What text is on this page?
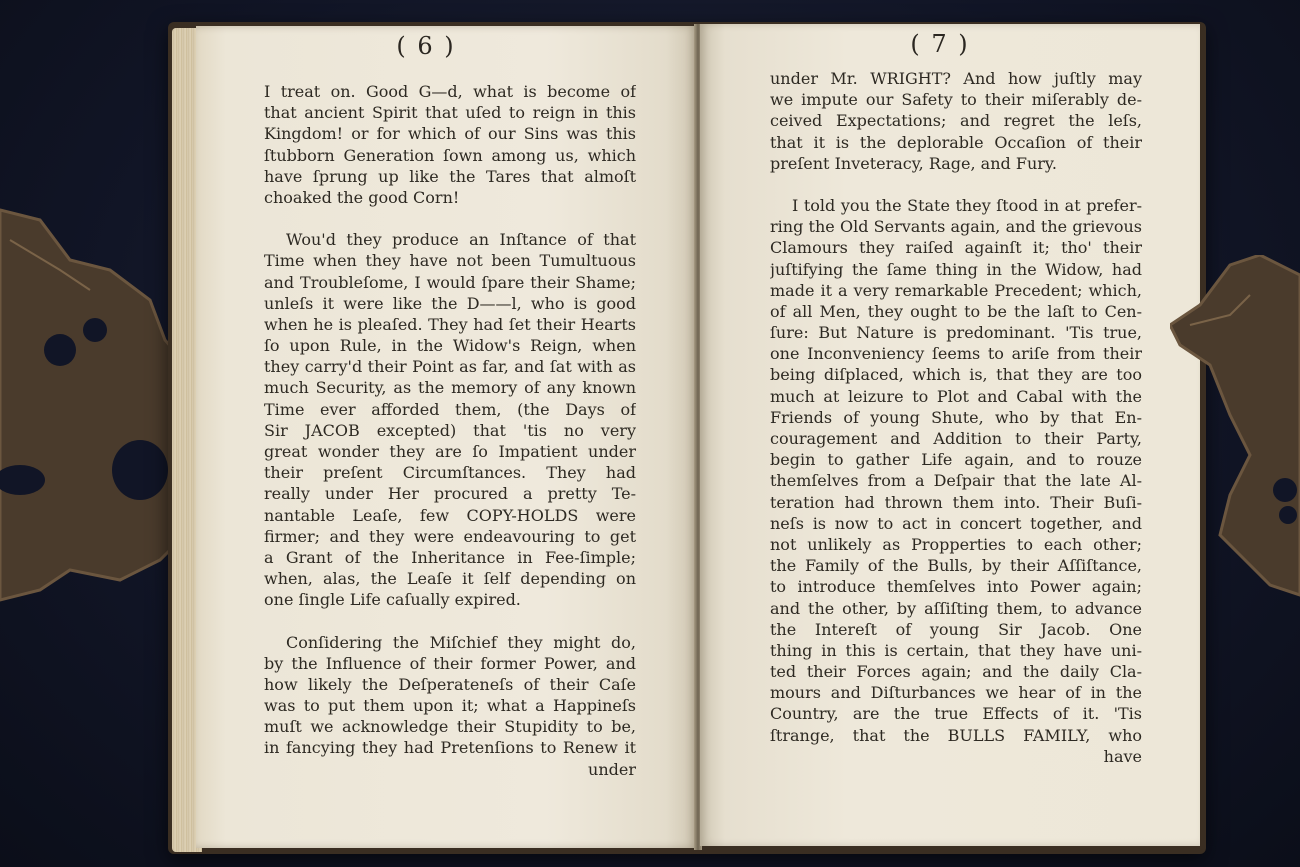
( 6 )
I treat on. Good G—d, what is become of
that ancient Spirit that uſed to reign in this
Kingdom! or for which of our Sins was this
ſtubborn Generation ſown among us, which
have ſprung up like the Tares that almoſt
choaked the good Corn!
Wou'd they produce an Inſtance of that
Time when they have not been Tumultuous
and Troubleſome, I would ſpare their Shame;
unleſs it were like the D——l, who is good
when he is pleaſed. They had ſet their Hearts
ſo upon Rule, in the Widow's Reign, when
they carry'd their Point as far, and ſat with as
much Security, as the memory of any known
Time ever afforded them, (the Days of
Sir JACOB excepted) that 'tis no very
great wonder they are ſo Impatient under
their preſent Circumſtances. They had
really under Her procured a pretty Te-
nantable Leaſe, few COPY-HOLDS were
firmer; and they were endeavouring to get
a Grant of the Inheritance in Fee-ſimple;
when, alas, the Leaſe it ſelf depending on
one ſingle Life caſually expired.
Conſidering the Miſchief they might do,
by the Influence of their former Power, and
how likely the Deſperateneſs of their Caſe
was to put them upon it; what a Happineſs
muſt we acknowledge their Stupidity to be,
in fancying they had Pretenſions to Renew it
under
( 7 )
under Mr. WRIGHT? And how juſtly may
we impute our Safety to their miſerably de-
ceived Expectations; and regret the leſs,
that it is the deplorable Occaſion of their
preſent Inveteracy, Rage, and Fury.
I told you the State they ſtood in at prefer-
ring the Old Servants again, and the grievous
Clamours they raiſed againſt it; tho' their
juſtifying the ſame thing in the Widow, had
made it a very remarkable Precedent; which,
of all Men, they ought to be the laſt to Cen-
ſure: But Nature is predominant. 'Tis true,
one Inconveniency ſeems to ariſe from their
being diſplaced, which is, that they are too
much at leizure to Plot and Cabal with the
Friends of young Shute, who by that En-
couragement and Addition to their Party,
begin to gather Life again, and to rouze
themſelves from a Deſpair that the late Al-
teration had thrown them into. Their Buſi-
neſs is now to act in concert together, and
not unlikely as Propperties to each other;
the Family of the Bulls, by their Aſſiſtance,
to introduce themſelves into Power again;
and the other, by aſſiſting them, to advance
the Intereſt of young Sir Jacob. One
thing in this is certain, that they have uni-
ted their Forces again; and the daily Cla-
mours and Diſturbances we hear of in the
Country, are the true Effects of it. 'Tis
ſtrange, that the BULLS FAMILY, who
have
